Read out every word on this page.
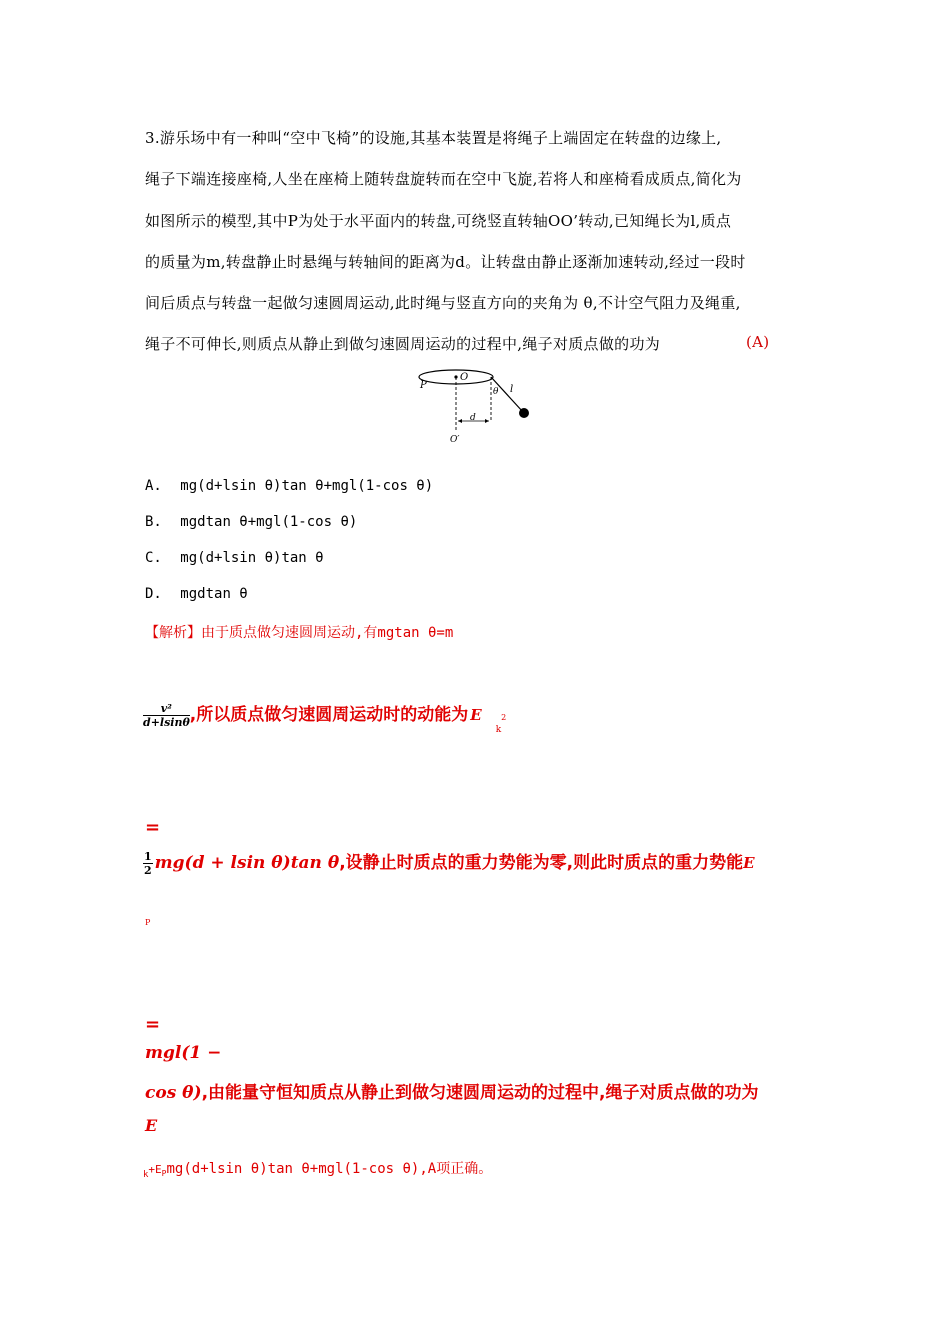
3.游乐场中有一种叫“空中飞椅”的设施,其基本装置是将绳子上端固定在转盘的边缘上,
绳子下端连接座椅,人坐在座椅上随转盘旋转而在空中飞旋,若将人和座椅看成质点,简化为
如图所示的模型,其中P为处于水平面内的转盘,可绕竖直转轴OO’转动,已知绳长为l,质点
的质量为m,转盘静止时悬绳与转轴间的距离为d。让转盘由静止逐渐加速转动,经过一段时
间后质点与转盘一起做匀速圆周运动,此时绳与竖直方向的夹角为 θ,不计空气阻力及绳重,
绳子不可伸长,则质点从静止到做匀速圆周运动的过程中,绳子对质点做的功为	(A)
P
O
θ l
d
O′
A. mg(d+lsin θ)tan θ+mgl(1-cos θ)
B. mgdtan θ+mgl(1-cos θ)
C. mg(d+lsin θ)tan θ
D. mgdtan θ
【解析】由于质点做匀速圆周运动,有mgtan θ=m
$\frac{\text{v²}}{d+lsin\theta}$ ,所以质点做匀速圆周运动时的动能为 $E_k2$
=
$\frac{1}{2} mg(d + lsin$ θ)tan θ,设静止时质点的重力势能为零,则此时质点的重力势能E
P
=
mgl(1 −
cos θ),由能量守恒知质点从静止到做匀速圆周运动的过程中,绳子对质点做的功为
E
$_k+E_Pmg(d+lsin$ θ)tan θ+mgl(1-cos θ),A项正确。
